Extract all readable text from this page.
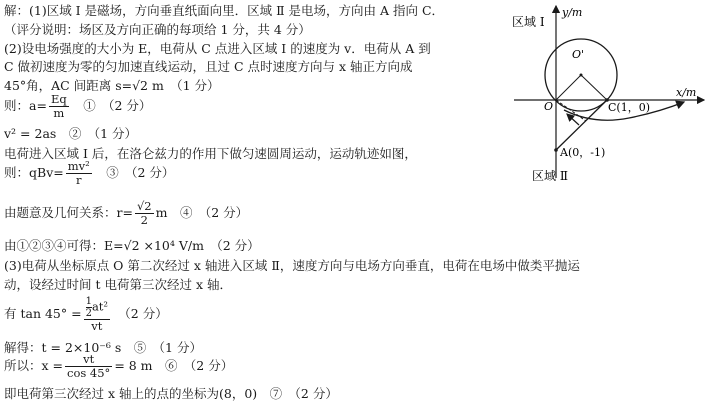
解：(1)区域 Ⅰ 是磁场，方向垂直纸面向里．区域 Ⅱ 是电场，方向由 A 指向 C．
（评分说明：场区及方向正确的每项给 1 分，共 4 分）
(2)设电场强度的大小为 E，电荷从 C 点进入区域 Ⅰ 的速度为 v．电荷从 A 到
C 做初速度为零的匀加速直线运动，且过 C 点时速度方向与 x 轴正方向成
45°角，AC 间距离 s=√2 m　（1 分）
则：$a= \frac{Eq}{m}$ 　①　（2 分）
v² = 2as　②　（1 分）
电荷进入区域 Ⅰ 后，在洛仑兹力的作用下做匀速圆周运动，运动轨迹如图，
则：$qBv= \frac{\text{mv²}}{r}$ 　③　（2 分）
由题意及几何关系：$r= \frac{√2}{2}$ m　④　（2 分）
由①②③④可得：E=√2 ×10⁴ V/m　（2 分）
(3)电荷从坐标原点 O 第二次经过 x 轴进入区域 Ⅱ，速度方向与电场方向垂直，电荷在电场中做类平抛运
动，设经过时间 t 电荷第三次经过 x 轴．
有 $\tan 45^\circ = \frac{\frac{1}{2} at^2}{vt}$ 　（2 分）
解得：t = 2×10⁻⁶ s　⑤　（1 分）
所以：$x = \frac{vt}{\cos 45^\circ} = 8$ m　⑥　（2 分）
即电荷第三次经过 x 轴上的点的坐标为(8，0)　⑦　（2 分）
区域 Ⅰ
y/m
x/m
O
O'
C(1，0)
A(0，-1)
区域 Ⅱ
